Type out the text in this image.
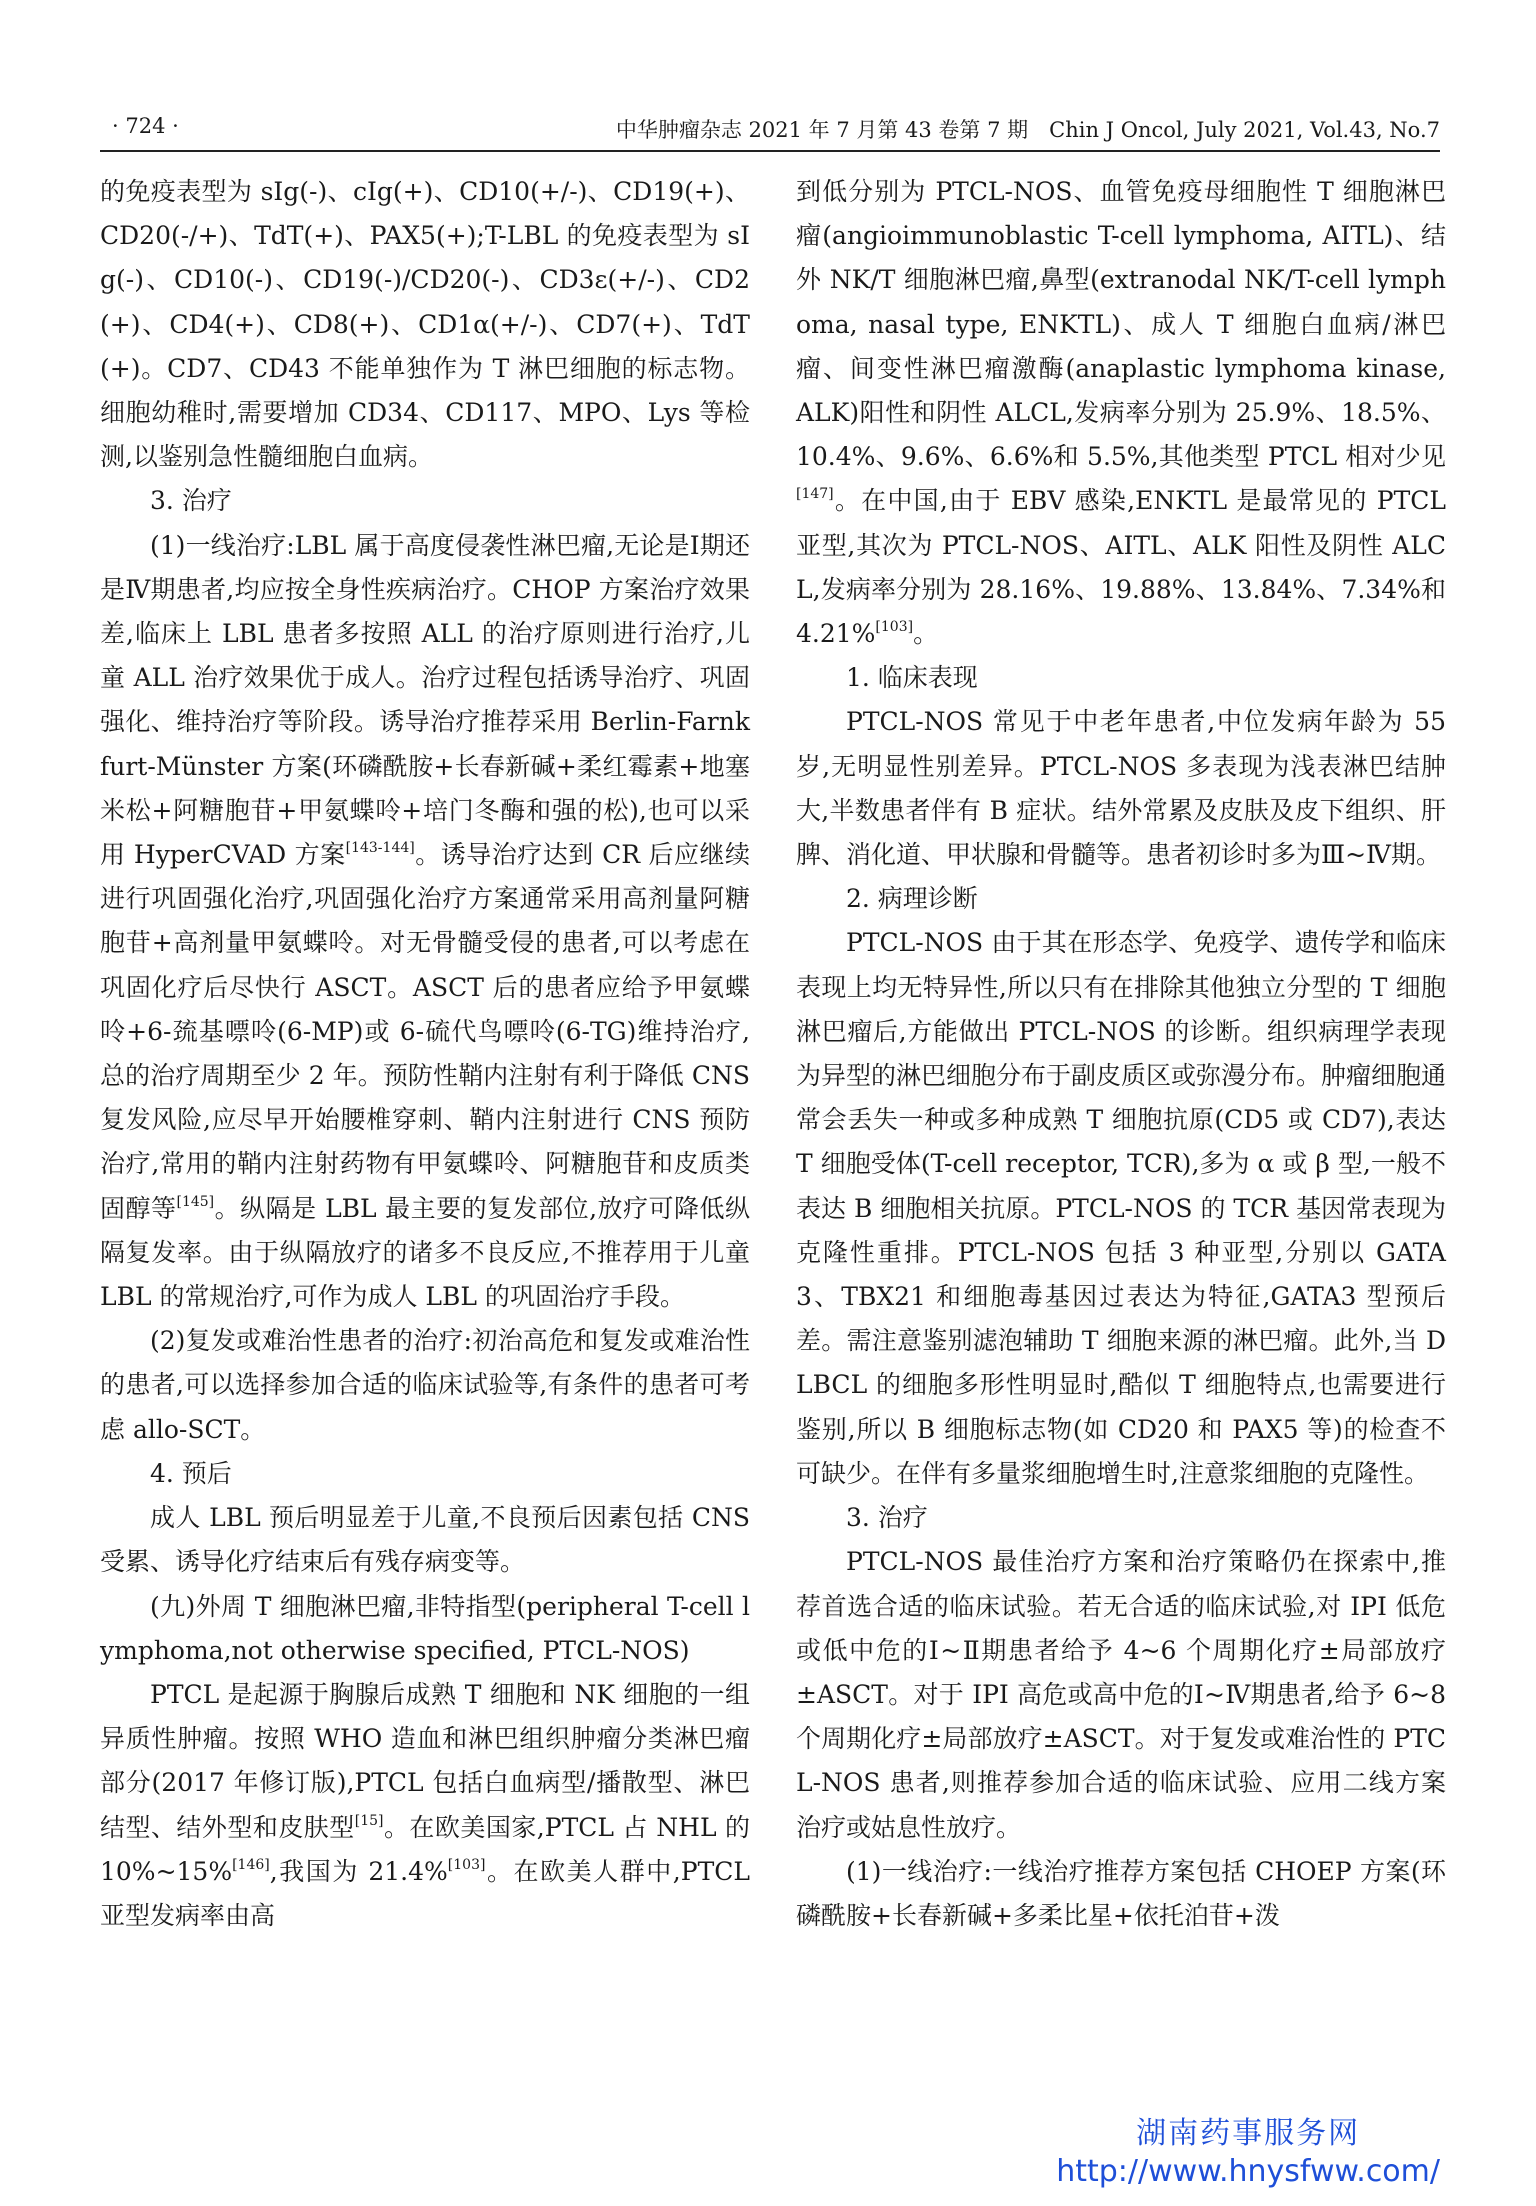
· 724 ·	中华肿瘤杂志 2021 年 7 月第 43 卷第 7 期　Chin J Oncol, July 2021, Vol.43, No.7

的免疫表型为 sIg(-)、cIg(+)、CD10(+/-)、CD19(+)、CD20(-/+)、TdT(+)、PAX5(+);T-LBL 的免疫表型为 sIg(-)、CD10(-)、CD19(-)/CD20(-)、CD3ε(+/-)、CD2(+)、CD4(+)、CD8(+)、CD1α(+/-)、CD7(+)、TdT(+)。CD7、CD43 不能单独作为 T 淋巴细胞的标志物。细胞幼稚时,需要增加 CD34、CD117、MPO、Lys 等检测,以鉴别急性髓细胞白血病。

3. 治疗

(1)一线治疗:LBL 属于高度侵袭性淋巴瘤,无论是Ⅰ期还是Ⅳ期患者,均应按全身性疾病治疗。CHOP 方案治疗效果差,临床上 LBL 患者多按照 ALL 的治疗原则进行治疗,儿童 ALL 治疗效果优于成人。治疗过程包括诱导治疗、巩固强化、维持治疗等阶段。诱导治疗推荐采用 Berlin-Farnkfurt-Münster 方案(环磷酰胺+长春新碱+柔红霉素+地塞米松+阿糖胞苷+甲氨蝶呤+培门冬酶和强的松),也可以采用 HyperCVAD 方案[143-144]。诱导治疗达到 CR 后应继续进行巩固强化治疗,巩固强化治疗方案通常采用高剂量阿糖胞苷+高剂量甲氨蝶呤。对无骨髓受侵的患者,可以考虑在巩固化疗后尽快行 ASCT。ASCT 后的患者应给予甲氨蝶呤+6-巯基嘌呤(6-MP)或 6-硫代鸟嘌呤(6-TG)维持治疗,总的治疗周期至少 2 年。预防性鞘内注射有利于降低 CNS 复发风险,应尽早开始腰椎穿刺、鞘内注射进行 CNS 预防治疗,常用的鞘内注射药物有甲氨蝶呤、阿糖胞苷和皮质类固醇等[145]。纵隔是 LBL 最主要的复发部位,放疗可降低纵隔复发率。由于纵隔放疗的诸多不良反应,不推荐用于儿童 LBL 的常规治疗,可作为成人 LBL 的巩固治疗手段。

(2)复发或难治性患者的治疗:初治高危和复发或难治性的患者,可以选择参加合适的临床试验等,有条件的患者可考虑 allo-SCT。

4. 预后

成人 LBL 预后明显差于儿童,不良预后因素包括 CNS 受累、诱导化疗结束后有残存病变等。

(九)外周 T 细胞淋巴瘤,非特指型(peripheral T-cell lymphoma,not otherwise specified, PTCL-NOS)

PTCL 是起源于胸腺后成熟 T 细胞和 NK 细胞的一组异质性肿瘤。按照 WHO 造血和淋巴组织肿瘤分类淋巴瘤部分(2017 年修订版),PTCL 包括白血病型/播散型、淋巴结型、结外型和皮肤型[15]。在欧美国家,PTCL 占 NHL 的 10%~15%[146],我国为 21.4%[103]。在欧美人群中,PTCL 亚型发病率由高

到低分别为 PTCL-NOS、血管免疫母细胞性 T 细胞淋巴瘤(angioimmunoblastic T-cell lymphoma, AITL)、结外 NK/T 细胞淋巴瘤,鼻型(extranodal NK/T-cell lymphoma, nasal type, ENKTL)、成人 T 细胞白血病/淋巴瘤、间变性淋巴瘤激酶(anaplastic lymphoma kinase, ALK)阳性和阴性 ALCL,发病率分别为 25.9%、18.5%、10.4%、9.6%、6.6%和 5.5%,其他类型 PTCL 相对少见[147]。在中国,由于 EBV 感染,ENKTL 是最常见的 PTCL 亚型,其次为 PTCL-NOS、AITL、ALK 阳性及阴性 ALCL,发病率分别为 28.16%、19.88%、13.84%、7.34%和 4.21%[103]。

1. 临床表现

PTCL-NOS 常见于中老年患者,中位发病年龄为 55 岁,无明显性别差异。PTCL-NOS 多表现为浅表淋巴结肿大,半数患者伴有 B 症状。结外常累及皮肤及皮下组织、肝脾、消化道、甲状腺和骨髓等。患者初诊时多为Ⅲ~Ⅳ期。

2. 病理诊断

PTCL-NOS 由于其在形态学、免疫学、遗传学和临床表现上均无特异性,所以只有在排除其他独立分型的 T 细胞淋巴瘤后,方能做出 PTCL-NOS 的诊断。组织病理学表现为异型的淋巴细胞分布于副皮质区或弥漫分布。肿瘤细胞通常会丢失一种或多种成熟 T 细胞抗原(CD5 或 CD7),表达 T 细胞受体(T-cell receptor, TCR),多为 α 或 β 型,一般不表达 B 细胞相关抗原。PTCL-NOS 的 TCR 基因常表现为克隆性重排。PTCL-NOS 包括 3 种亚型,分别以 GATA3、TBX21 和细胞毒基因过表达为特征,GATA3 型预后差。需注意鉴别滤泡辅助 T 细胞来源的淋巴瘤。此外,当 DLBCL 的细胞多形性明显时,酷似 T 细胞特点,也需要进行鉴别,所以 B 细胞标志物(如 CD20 和 PAX5 等)的检查不可缺少。在伴有多量浆细胞增生时,注意浆细胞的克隆性。

3. 治疗

PTCL-NOS 最佳治疗方案和治疗策略仍在探索中,推荐首选合适的临床试验。若无合适的临床试验,对 IPI 低危或低中危的Ⅰ~Ⅱ期患者给予 4~6 个周期化疗±局部放疗±ASCT。对于 IPI 高危或高中危的Ⅰ~Ⅳ期患者,给予 6~8 个周期化疗±局部放疗±ASCT。对于复发或难治性的 PTCL-NOS 患者,则推荐参加合适的临床试验、应用二线方案治疗或姑息性放疗。

(1)一线治疗:一线治疗推荐方案包括 CHOEP 方案(环磷酰胺+长春新碱+多柔比星+依托泊苷+泼

湖南药事服务网
http://www.hnysfww.com/
